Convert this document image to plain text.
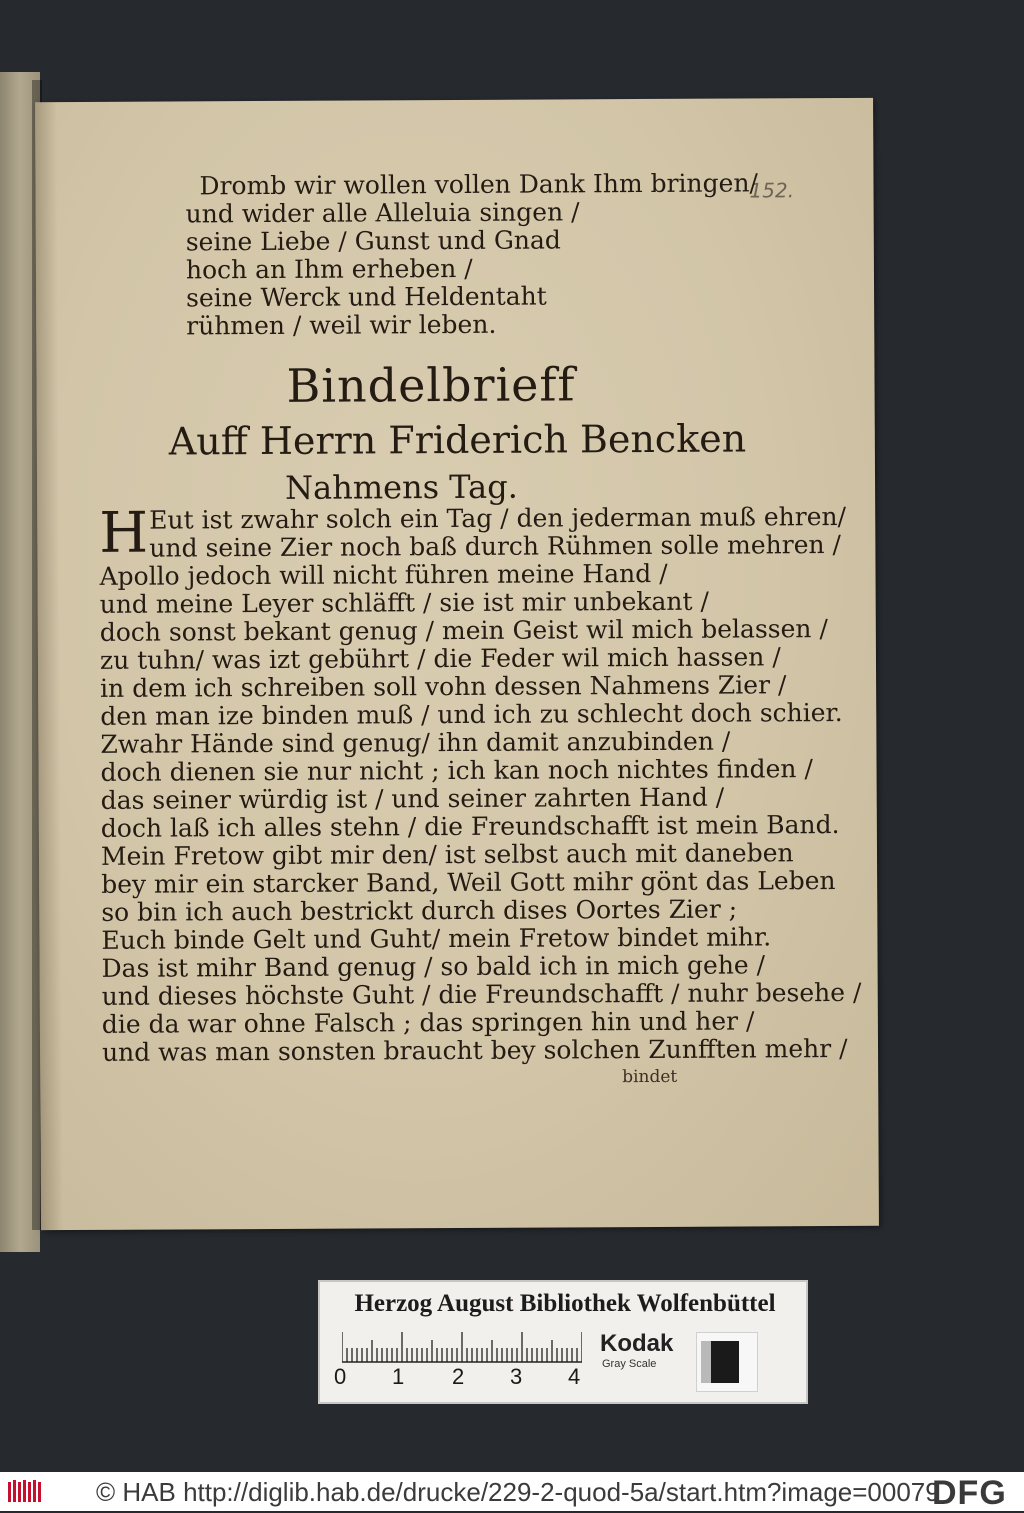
152.
Dromb wir wollen vollen Dank Ihm bringen/
und wider alle Alleluia singen /
seine Liebe / Gunst und Gnad
hoch an Ihm erheben /
seine Werck und Heldentaht
rühmen / weil wir leben.
Bindelbrieff
Auff Herrn Friderich Bencken
Nahmens Tag.
H Eut ist zwahr solch ein Tag / den jederman muß ehren/
und seine Zier noch baß durch Rühmen solle mehren /
Apollo jedoch will nicht führen meine Hand /
und meine Leyer schläfft / sie ist mir unbekant /
doch sonst bekant genug / mein Geist wil mich belassen /
zu tuhn/ was izt gebührt / die Feder wil mich hassen /
in dem ich schreiben soll vohn dessen Nahmens Zier /
den man ize binden muß / und ich zu schlecht doch schier.
Zwahr Hände sind genug/ ihn damit anzubinden /
doch dienen sie nur nicht ; ich kan noch nichtes finden /
das seiner würdig ist / und seiner zahrten Hand /
doch laß ich alles stehn / die Freundschafft ist mein Band.
Mein Fretow gibt mir den/ ist selbst auch mit daneben
bey mir ein starcker Band, Weil Gott mihr gönt das Leben
so bin ich auch bestrickt durch dises Oortes Zier ;
Euch binde Gelt und Guht/ mein Fretow bindet mihr.
Das ist mihr Band genug / so bald ich in mich gehe /
und dieses höchste Guht / die Freundschafft / nuhr besehe /
die da war ohne Falsch ; das springen hin und her /
und was man sonsten braucht bey solchen Zunfften mehr /
bindet
Herzog August Bibliothek Wolfenbüttel
0 1 2 3 4
Kodak
Gray Scale
© HAB http://diglib.hab.de/drucke/229-2-quod-5a/start.htm?image=00079
DFG
